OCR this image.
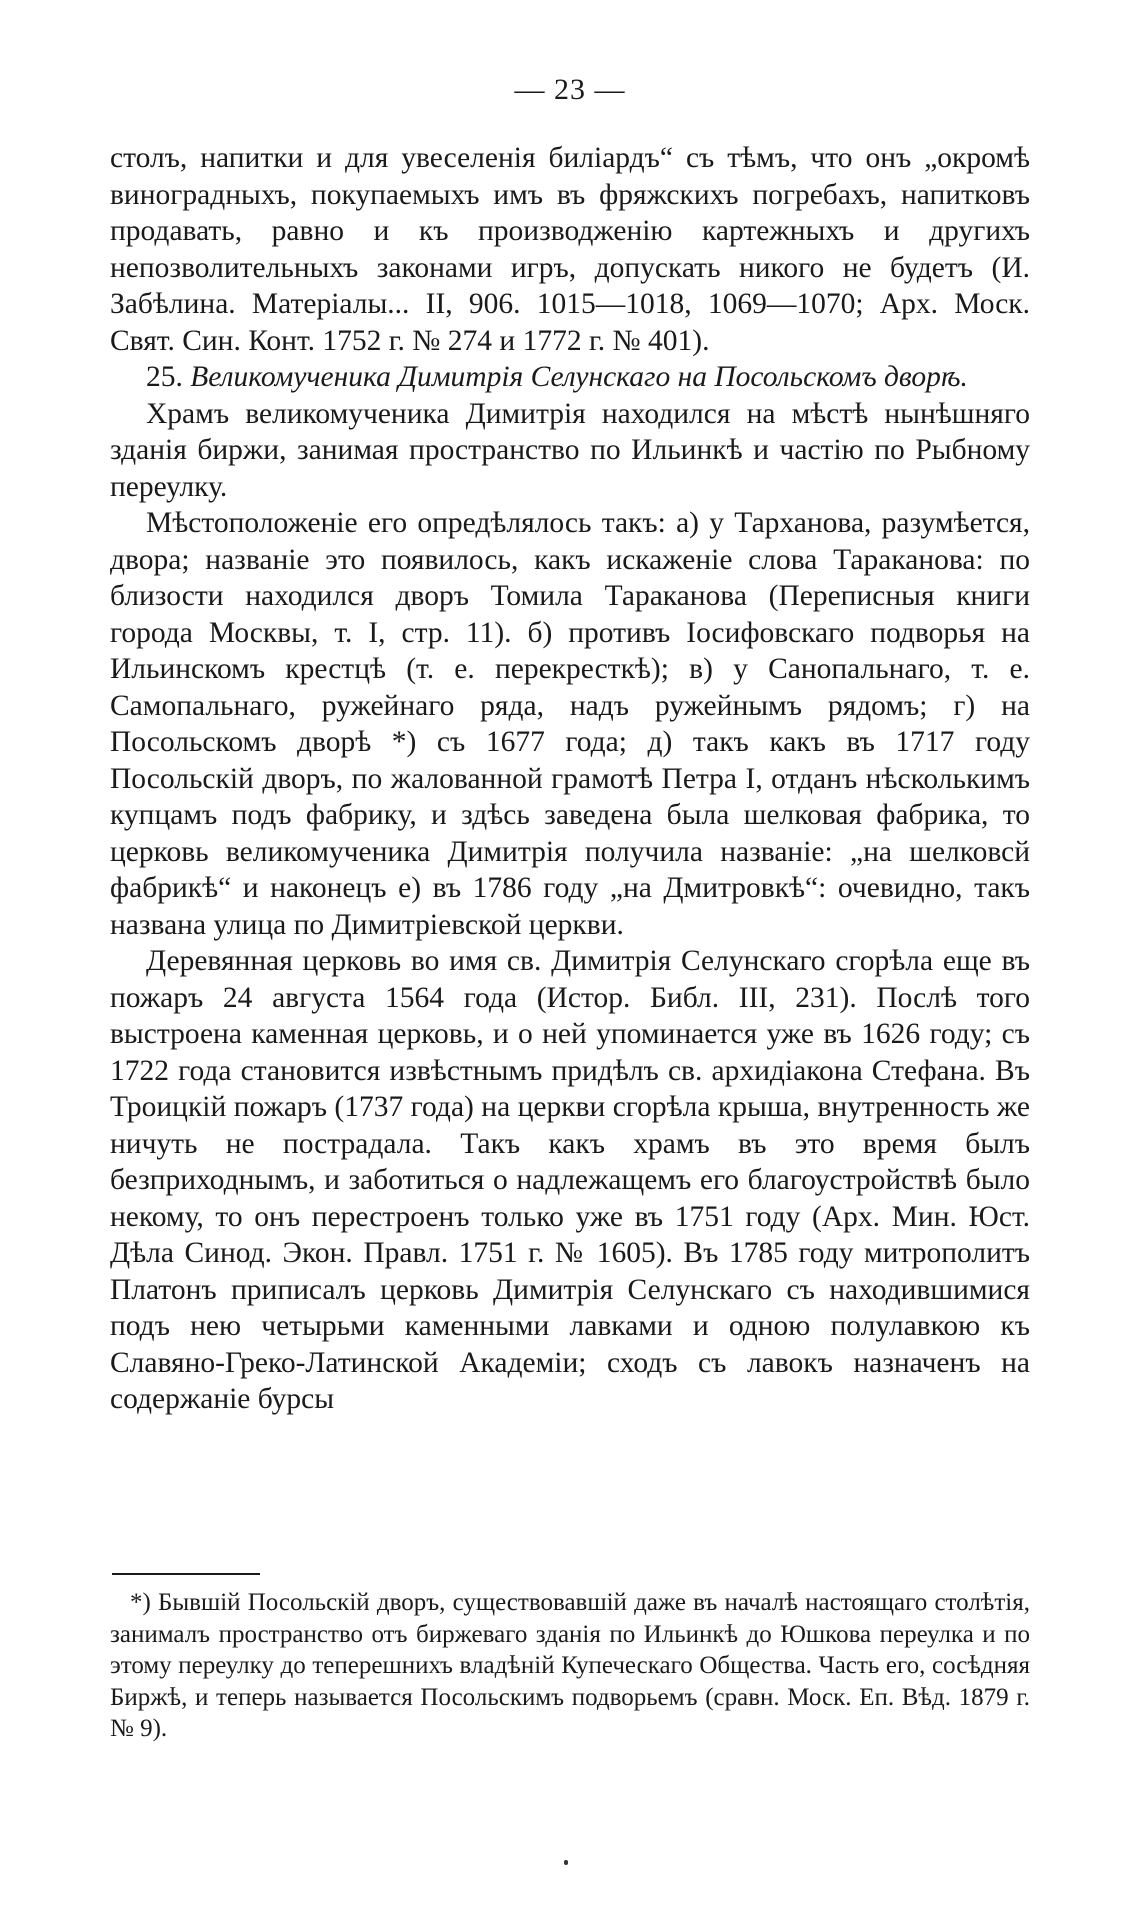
— 23 —

столъ, напитки и для увеселенія биліардъ“ съ тѣмъ, что онъ „окромѣ виноградныхъ, покупаемыхъ имъ въ фряжскихъ погребахъ, напитковъ продавать, равно и къ производженію картежныхъ и другихъ непозволительныхъ законами игръ, допускать никого не будетъ (И. Забѣлина. Матеріалы... II, 906. 1015—1018, 1069—1070; Арх. Моск. Свят. Син. Конт. 1752 г. № 274 и 1772 г. № 401).

25. Великомученика Димитрія Селунскаго на Посольскомъ дворѣ.

Храмъ великомученика Димитрія находился на мѣстѣ нынѣшняго зданія биржи, занимая пространство по Ильинкѣ и частію по Рыбному переулку.

Мѣстоположеніе его опредѣлялось такъ: а) у Тарханова, разумѣется, двора; названіе это появилось, какъ искаженіе слова Тараканова: по близости находился дворъ Томила Тараканова (Переписныя книги города Москвы, т. I, стр. 11). б) противъ Іосифовскаго подворья на Ильинскомъ крестцѣ (т. е. перекресткѣ); в) у Санопальнаго, т. е. Самопальнаго, ружейнаго ряда, надъ ружейнымъ рядомъ; г) на Посольскомъ дворѣ *) съ 1677 года; д) такъ какъ въ 1717 году Посольскій дворъ, по жалованной грамотѣ Петра I, отданъ нѣсколькимъ купцамъ подъ фабрику, и здѣсь заведена была шелковая фабрика, то церковь великомученика Димитрія получила названіе: „на шелковсй фабрикѣ“ и наконецъ е) въ 1786 году „на Дмитровкѣ“: очевидно, такъ названа улица по Димитріевской церкви.

Деревянная церковь во имя св. Димитрія Селунскаго сгорѣла еще въ пожаръ 24 августа 1564 года (Истор. Библ. III, 231). Послѣ того выстроена каменная церковь, и о ней упоминается уже въ 1626 году; съ 1722 года становится извѣстнымъ придѣлъ св. архидіакона Стефана. Въ Троицкій пожаръ (1737 года) на церкви сгорѣла крыша, внутренность же ничуть не пострадала. Такъ какъ храмъ въ это время былъ безприходнымъ, и заботиться о надлежащемъ его благоустройствѣ было некому, то онъ перестроенъ только уже въ 1751 году (Арх. Мин. Юст. Дѣла Синод. Экон. Правл. 1751 г. № 1605). Въ 1785 году митрополитъ Платонъ приписалъ церковь Димитрія Селунскаго съ находившимися подъ нею четырьми каменными лавками и одною полулавкою къ Славяно-Греко-Латинской Академіи; сходъ съ лавокъ назначенъ на содержаніе бурсы

*) Бывшій Посольскій дворъ, существовавшій даже въ началѣ настоящаго столѣтія, занималъ пространство отъ биржеваго зданія по Ильинкѣ до Юшкова переулка и по этому переулку до теперешнихъ владѣній Купеческаго Общества. Часть его, сосѣдняя Биржѣ, и теперь называется Посольскимъ подворьемъ (сравн. Моск. Еп. Вѣд. 1879 г. № 9).
